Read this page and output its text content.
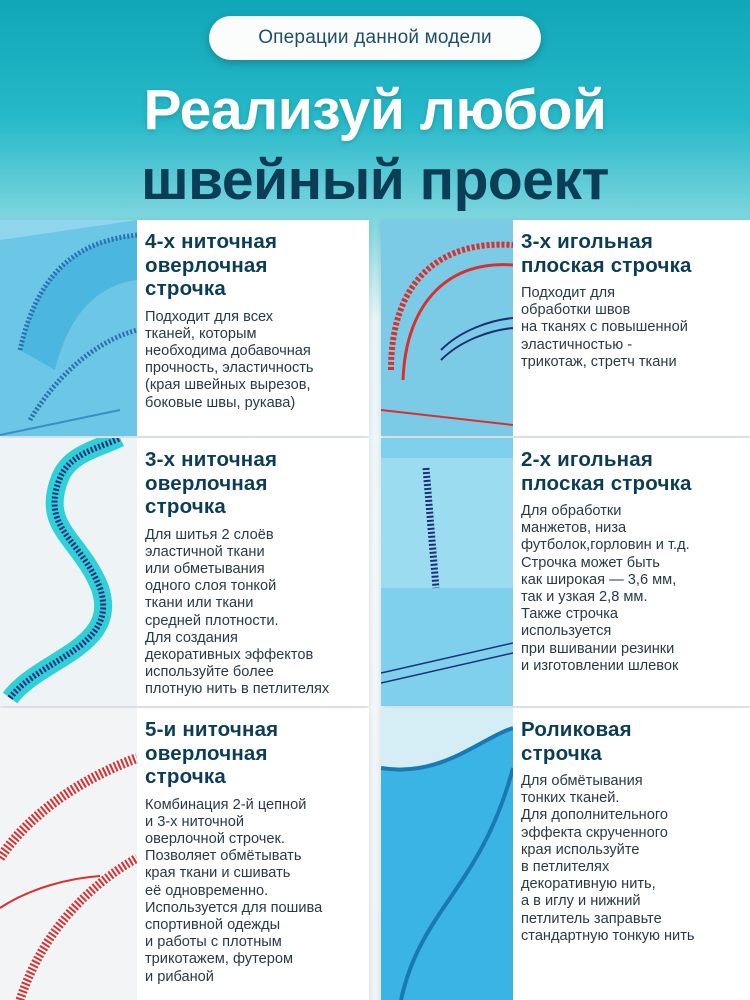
Операции данной модели
Реализуй любой
швейный проект
4-х ниточная
оверлочная
строчка
Подходит для всех
тканей, которым
необходима добавочная
прочность, эластичность
(края швейных вырезов,
боковые швы, рукава)
3-х игольная
плоская строчка
Подходит для
обработки швов
на тканях с повышенной
эластичностью -
трикотаж, стретч ткани
3-х ниточная
оверлочная
строчка
Для шитья 2 слоёв
эластичной ткани
или обметывания
одного слоя тонкой
ткани или ткани
средней плотности.
Для создания
декоративных эффектов
используйте более
плотную нить в петлителях
2-х игольная
плоская строчка
Для обработки
манжетов, низа
футболок,горловин и т.д.
Строчка может быть
как широкая — 3,6 мм,
так и узкая 2,8 мм.
Также строчка
используется
при вшивании резинки
и изготовлении шлевок
5-и ниточная
оверлочная
строчка
Комбинация 2-й цепной
и 3-х ниточной
оверлочной строчек.
Позволяет обмётывать
края ткани и сшивать
её одновременно.
Используется для пошива
спортивной одежды
и работы с плотным
трикотажем, футером
и рибаной
Роликовая
строчка
Для обмётывания
тонких тканей.
Для дополнительного
эффекта скрученного
края используйте
в петлителях
декоративную нить,
а в иглу и нижний
петлитель заправьте
стандартную тонкую нить
